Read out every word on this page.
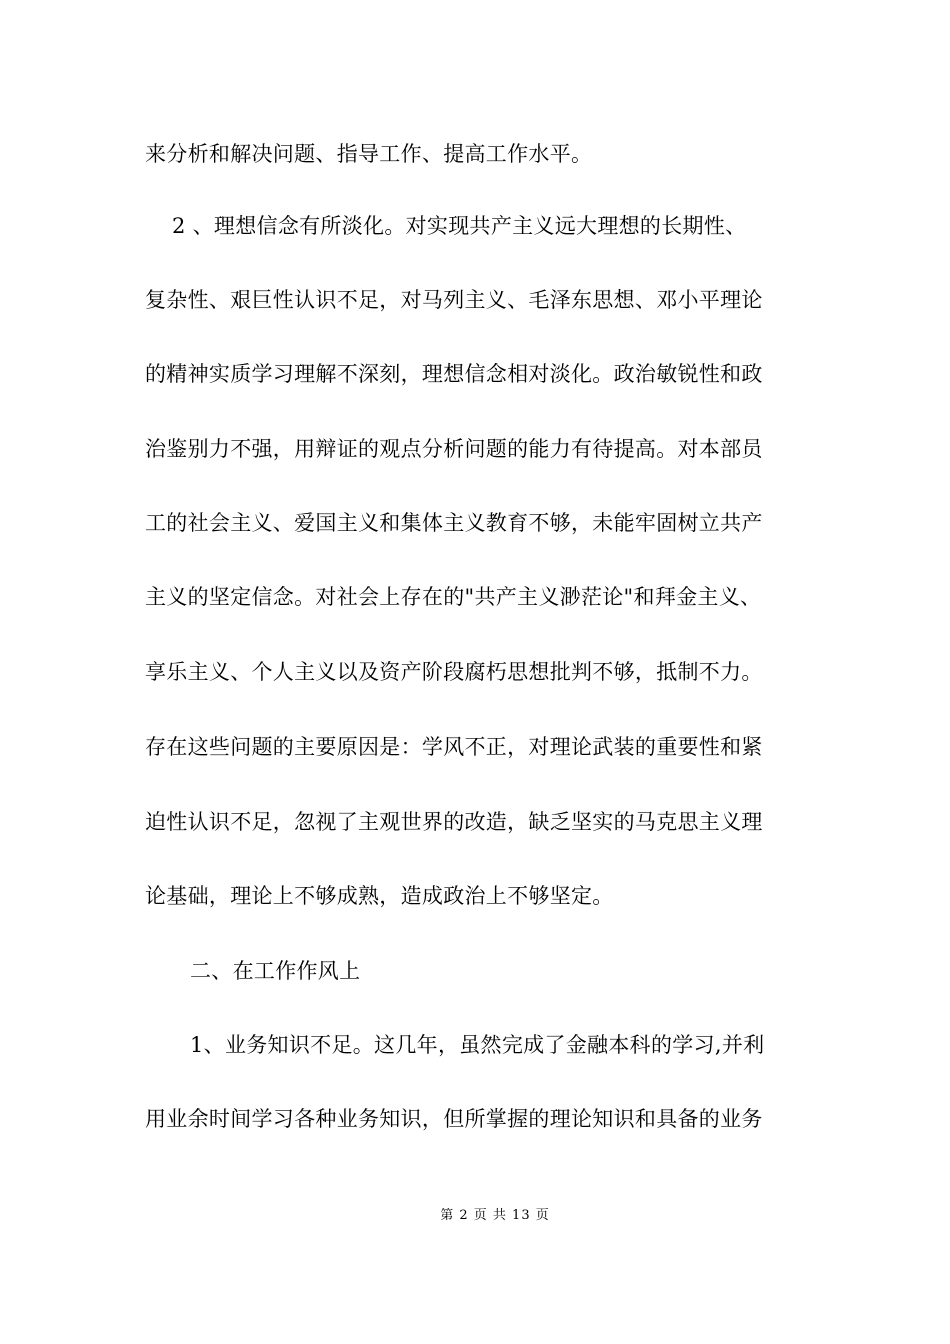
来分析和解决问题、指导工作、提高工作水平。
2 、理想信念有所淡化。对实现共产主义远大理想的长期性、
复杂性、艰巨性认识不足，对马列主义、毛泽东思想、邓小平理论
的精神实质学习理解不深刻，理想信念相对淡化。政治敏锐性和政
治鉴别力不强，用辩证的观点分析问题的能力有待提高。对本部员
工的社会主义、爱国主义和集体主义教育不够，未能牢固树立共产
主义的坚定信念。对社会上存在的"共产主义渺茫论"和拜金主义、
享乐主义、个人主义以及资产阶段腐朽思想批判不够，抵制不力。
存在这些问题的主要原因是：学风不正，对理论武装的重要性和紧
迫性认识不足，忽视了主观世界的改造，缺乏坚实的马克思主义理
论基础，理论上不够成熟，造成政治上不够坚定。
二、在工作作风上
1、业务知识不足。这几年，虽然完成了金融本科的学习,并利
用业余时间学习各种业务知识，但所掌握的理论知识和具备的业务
第 2 页 共 13 页
